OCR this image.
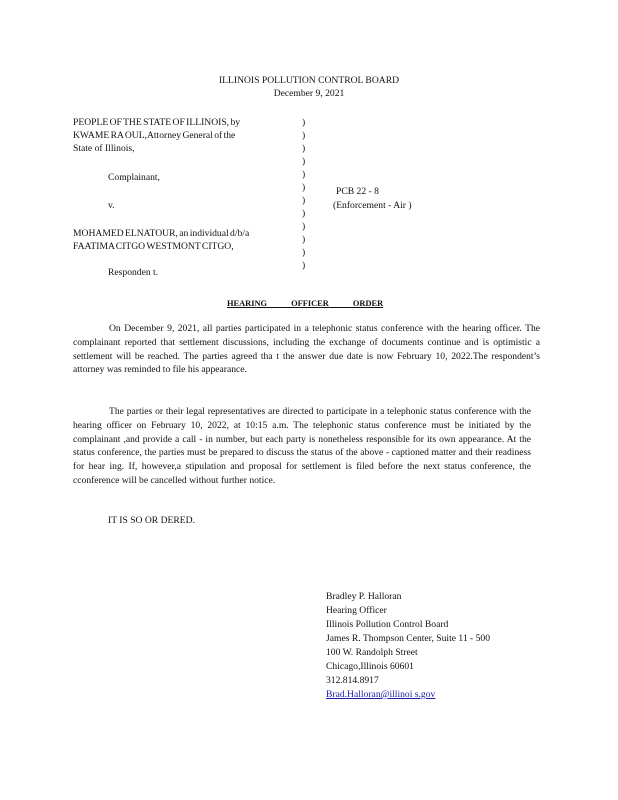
ILLINOIS POLLUTION CONTROL BOARD
December 9, 2021
PEOPLE OF THE STATE OF ILLINOIS, by
KWAME RA OUL,Attorney General of the
State of Illinois,
Complainant,
v.
MOHAMED ELNATOUR, an individual d/b/a
FAATIMA CITGO WESTMONT CITGO,
Responden t.
)
)
)
)
)
)
)
)
)
)
)
)
PCB 22 - 8
(Enforcement - Air )
HEARING OFFICER ORDER

On December 9, 2021, all parties participated in a telephonic status conference with the hearing officer. The complainant reported that settlement discussions, including the exchange of documents continue and is optimistic a settlement will be reached. The parties agreed tha t the answer due date is now February 10, 2022.The respondent’s attorney was reminded to file his appearance.

The parties or their legal representatives are directed to participate in a telephonic status conference with the hearing officer on February 10, 2022, at 10:15 a.m. The telephonic status conference must be initiated by the complainant ,and provide a call - in number, but each party is nonetheless responsible for its own appearance. At the status conference, the parties must be prepared to discuss the status of the above - captioned matter and their readiness for hear ing. If, however,a stipulation and proposal for settlement is filed before the next status conference, the cconference will be cancelled without further notice.

IT IS SO OR DERED.
Bradley P. Halloran
Hearing Officer
Illinois Pollution Control Board
James R. Thompson Center, Suite 11 - 500
100 W. Randolph Street
Chicago,Illinois 60601
312.814.8917
Brad.Halloran@illinoi s.gov
